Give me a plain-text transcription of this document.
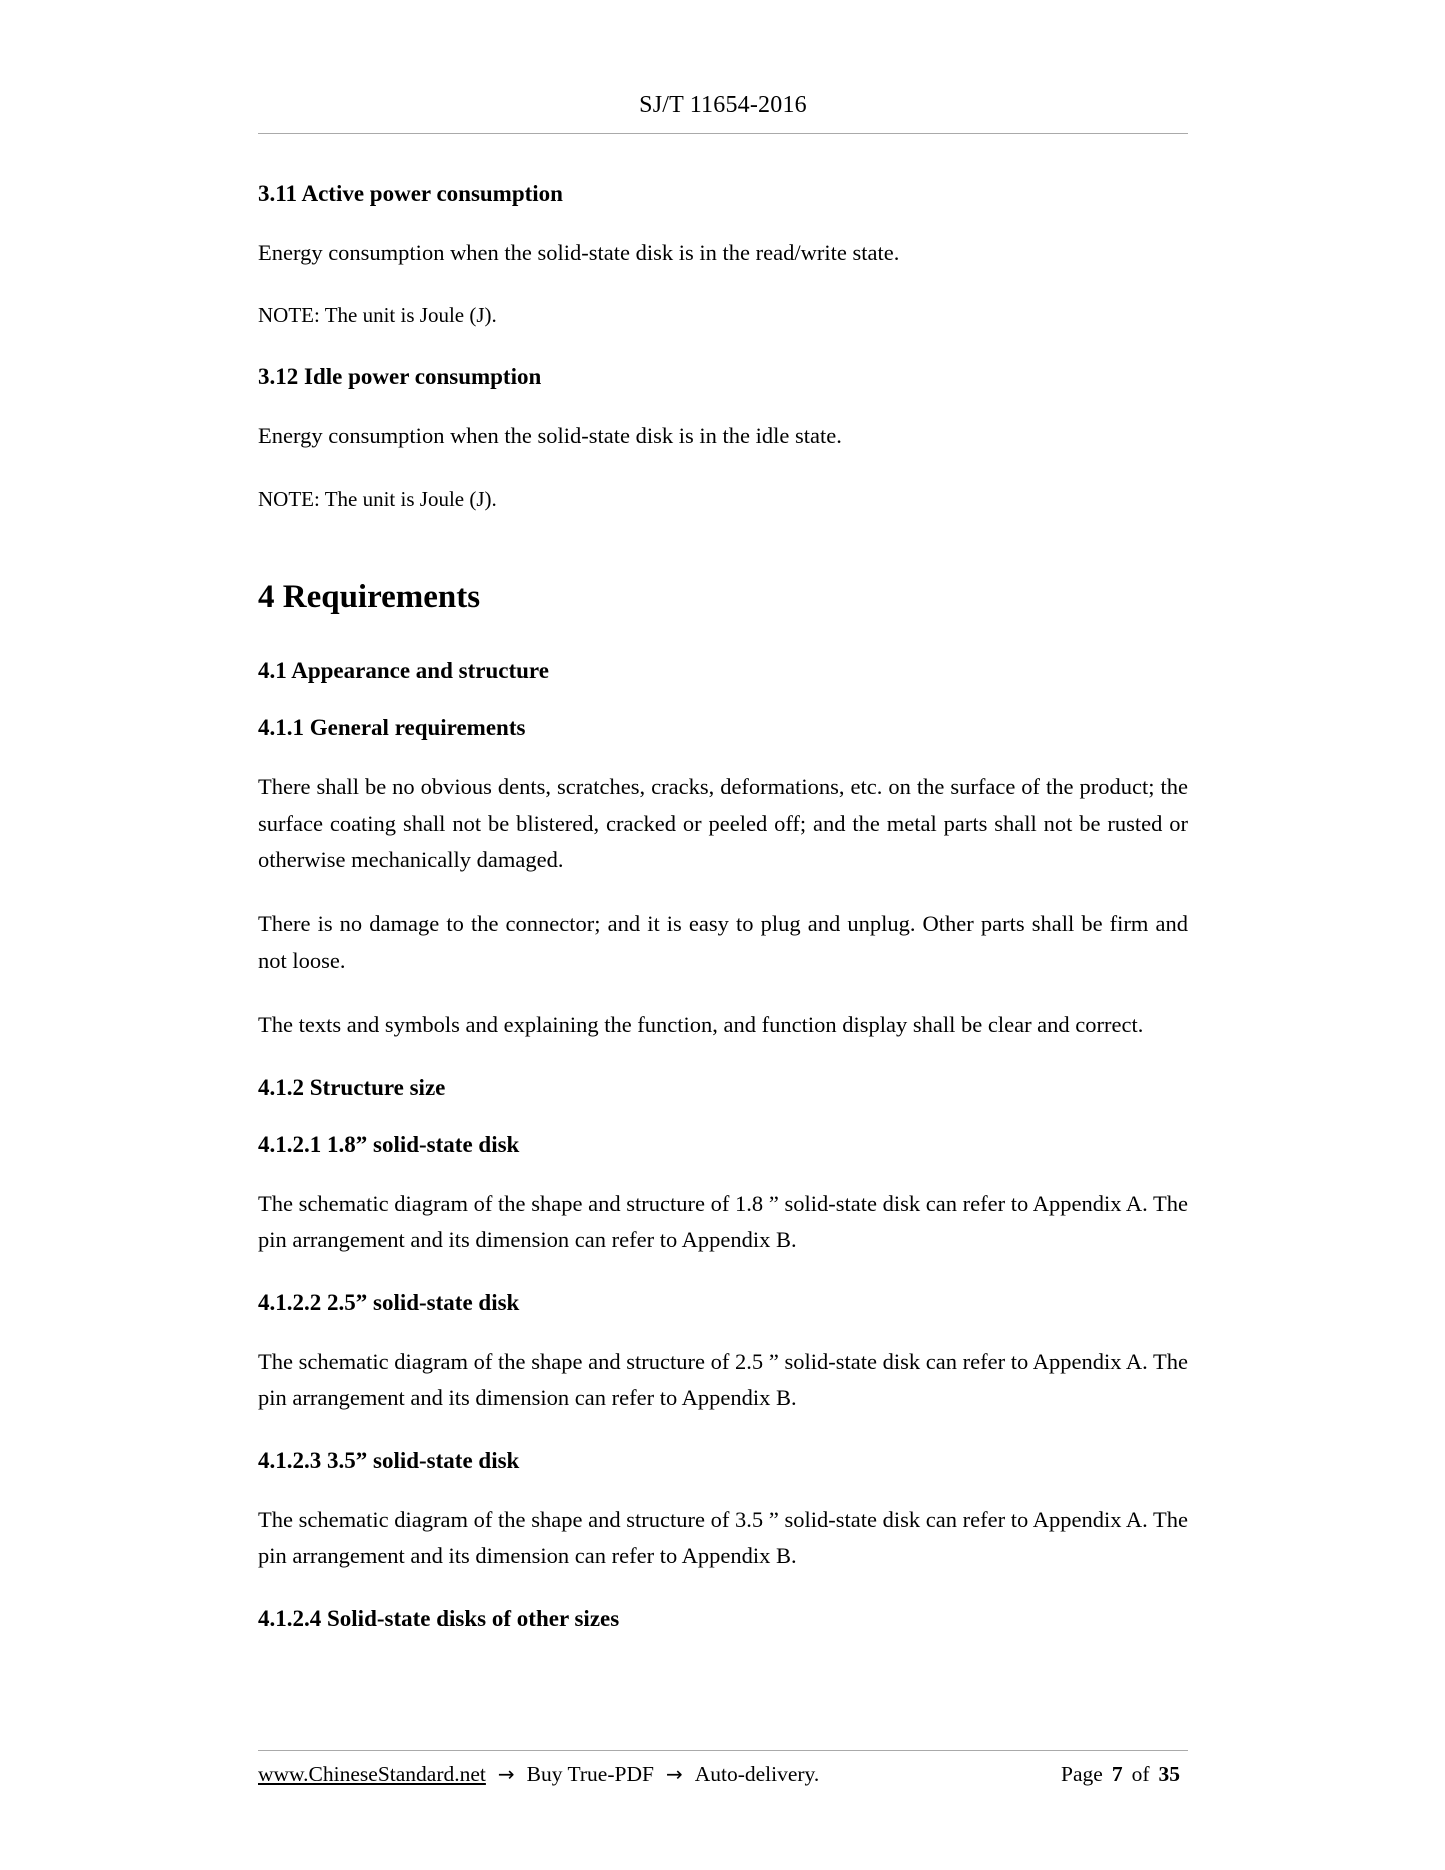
SJ/T 11654-2016
3.11 Active power consumption

Energy consumption when the solid-state disk is in the read/write state.

NOTE: The unit is Joule (J).

3.12 Idle power consumption

Energy consumption when the solid-state disk is in the idle state.

NOTE: The unit is Joule (J).

4 Requirements
4.1 Appearance and structure
4.1.1 General requirements

There shall be no obvious dents, scratches, cracks, deformations, etc. on the surface of the product; the surface coating shall not be blistered, cracked or peeled off; and the metal parts shall not be rusted or otherwise mechanically damaged.

There is no damage to the connector; and it is easy to plug and unplug. Other parts shall be firm and not loose.

The texts and symbols and explaining the function, and function display shall be clear and correct.

4.1.2 Structure size
4.1.2.1 1.8” solid-state disk

The schematic diagram of the shape and structure of 1.8 ” solid-state disk can refer to Appendix A. The pin arrangement and its dimension can refer to Appendix B.

4.1.2.2 2.5” solid-state disk

The schematic diagram of the shape and structure of 2.5 ” solid-state disk can refer to Appendix A. The pin arrangement and its dimension can refer to Appendix B.

4.1.2.3 3.5” solid-state disk

The schematic diagram of the shape and structure of 3.5 ” solid-state disk can refer to Appendix A. The pin arrangement and its dimension can refer to Appendix B.

4.1.2.4 Solid-state disks of other sizes
www.ChineseStandard.net → Buy True-PDF → Auto-delivery.	Page 7 of 35
